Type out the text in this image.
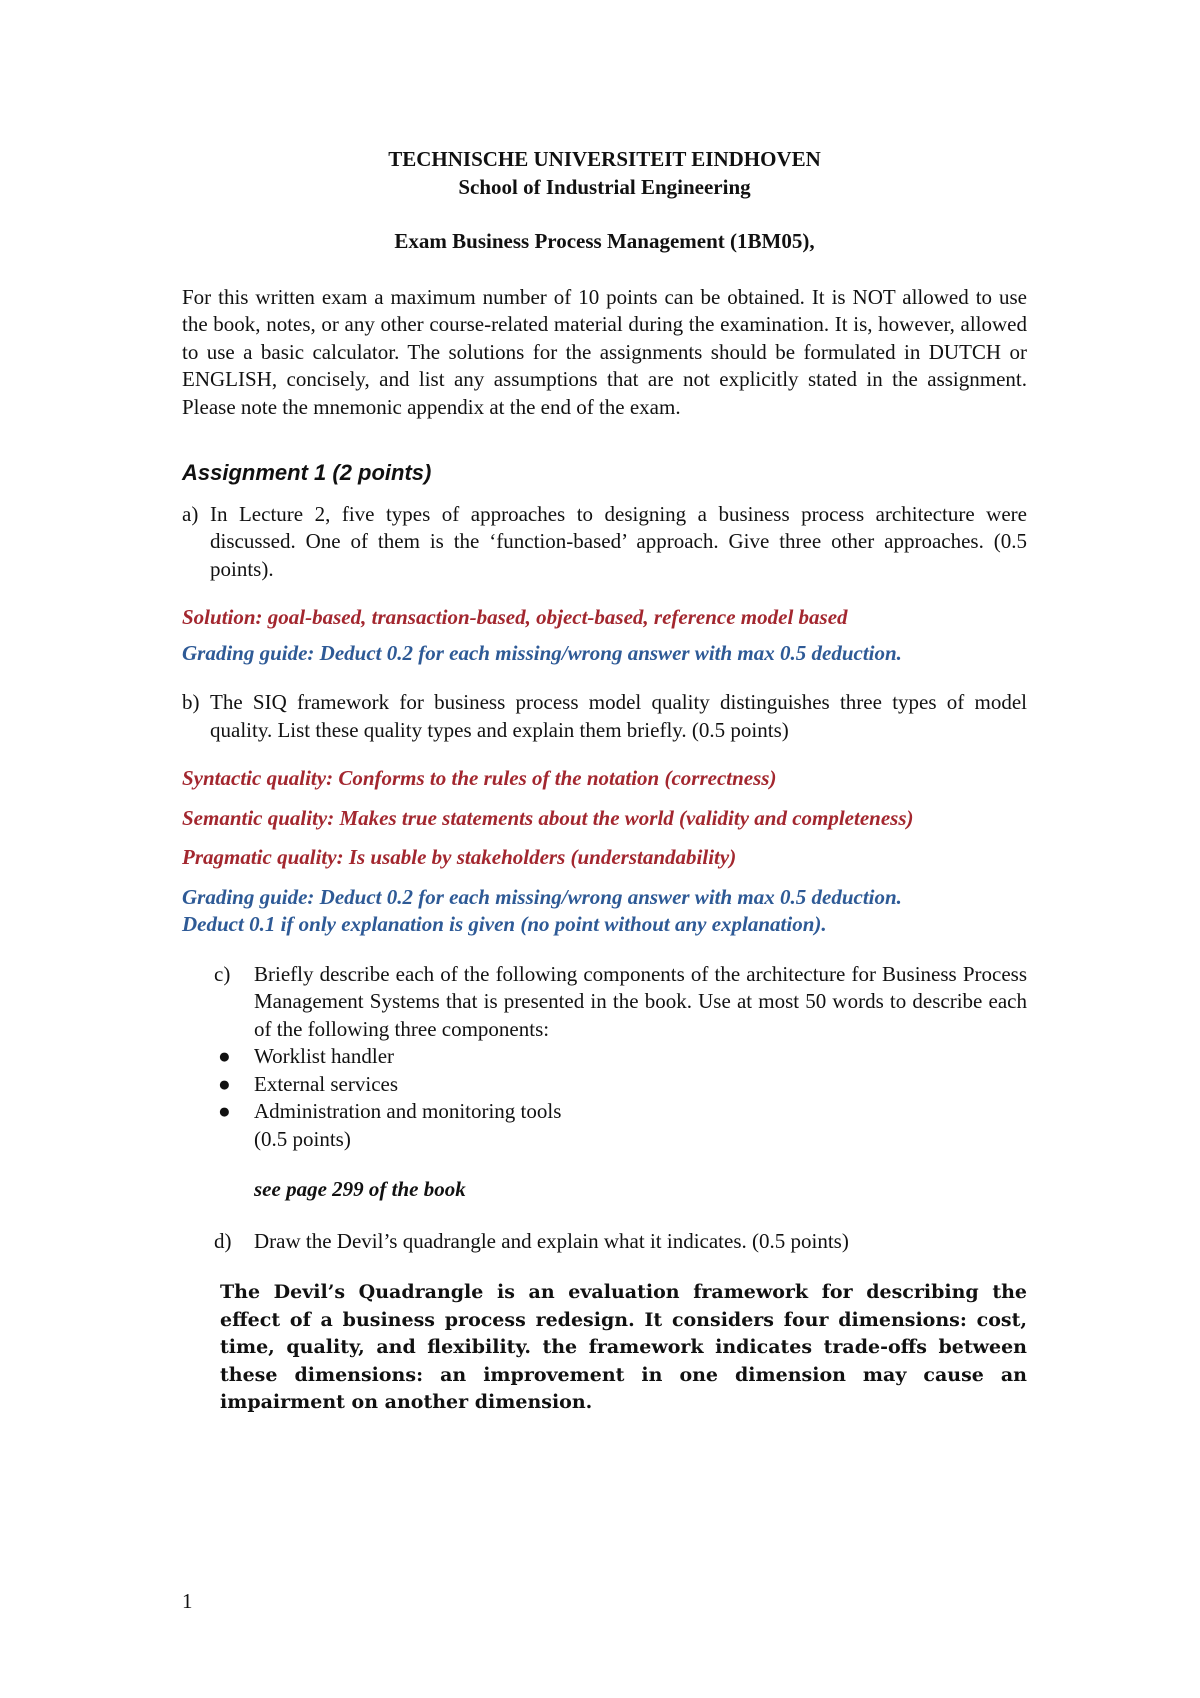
TECHNISCHE UNIVERSITEIT EINDHOVEN

School of Industrial Engineering

Exam Business Process Management (1BM05),

For this written exam a maximum number of 10 points can be obtained. It is NOT allowed to use the book, notes, or any other course-related material during the examination. It is, however, allowed to use a basic calculator. The solutions for the assignments should be formulated in DUTCH or ENGLISH, concisely, and list any assumptions that are not explicitly stated in the assignment. Please note the mnemonic appendix at the end of the exam.

Assignment 1 (2 points)

a) In Lecture 2, five types of approaches to designing a business process architecture were discussed. One of them is the ‘function-based’ approach. Give three other approaches. (0.5 points).

Solution: goal-based, transaction-based, object-based, reference model based

Grading guide: Deduct 0.2 for each missing/wrong answer with max 0.5 deduction.

b) The SIQ framework for business process model quality distinguishes three types of model quality. List these quality types and explain them briefly. (0.5 points)

Syntactic quality: Conforms to the rules of the notation (correctness)

Semantic quality: Makes true statements about the world (validity and completeness)

Pragmatic quality: Is usable by stakeholders (understandability)

Grading guide: Deduct 0.2 for each missing/wrong answer with max 0.5 deduction.

Deduct 0.1 if only explanation is given (no point without any explanation).

c) Briefly describe each of the following components of the architecture for Business Process Management Systems that is presented in the book. Use at most 50 words to describe each of the following three components:

● Worklist handler

● External services

● Administration and monitoring tools

(0.5 points)

see page 299 of the book

d) Draw the Devil’s quadrangle and explain what it indicates. (0.5 points)

The Devil’s Quadrangle is an evaluation framework for describing the effect of a business process redesign. It considers four dimensions: cost, time, quality, and flexibility. the framework indicates trade-offs between these dimensions: an improvement in one dimension may cause an impairment on another dimension.

1
